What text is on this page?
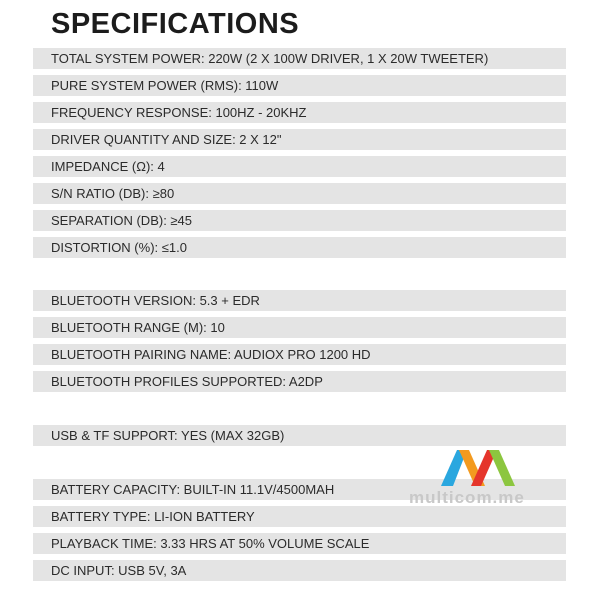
SPECIFICATIONS
TOTAL SYSTEM POWER: 220W (2 X 100W DRIVER, 1 X 20W TWEETER)
PURE SYSTEM POWER (RMS): 110W
FREQUENCY RESPONSE: 100HZ - 20KHZ
DRIVER QUANTITY AND SIZE: 2 X 12"
IMPEDANCE (Ω): 4
S/N RATIO (DB): ≥80
SEPARATION (DB): ≥45
DISTORTION (%): ≤1.0
BLUETOOTH VERSION: 5.3 + EDR
BLUETOOTH RANGE (M): 10
BLUETOOTH PAIRING NAME: AUDIOX PRO 1200 HD
BLUETOOTH PROFILES SUPPORTED: A2DP
USB & TF SUPPORT: YES (MAX 32GB)
BATTERY CAPACITY: BUILT-IN 11.1V/4500MAH
BATTERY TYPE: LI-ION BATTERY
PLAYBACK TIME: 3.33 HRS AT 50% VOLUME SCALE
DC INPUT: USB 5V, 3A
multicom.me
